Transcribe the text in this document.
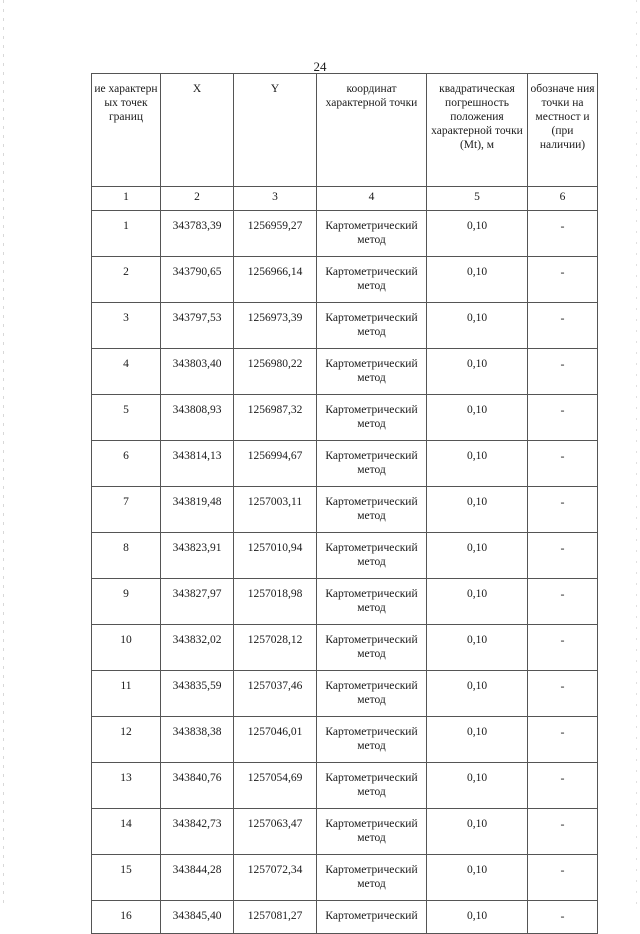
24
ие характерн ых точек границ	X	Y	координат характерной точки	квадратическая погрешность положения характерной точки (Mt), м	обозначе ния точки на местност и (при наличии)
1	2	3	4	5	6
1	343783,39	1256959,27	Картометрический метод	0,10	-
2	343790,65	1256966,14	Картометрический метод	0,10	-
3	343797,53	1256973,39	Картометрический метод	0,10	-
4	343803,40	1256980,22	Картометрический метод	0,10	-
5	343808,93	1256987,32	Картометрический метод	0,10	-
6	343814,13	1256994,67	Картометрический метод	0,10	-
7	343819,48	1257003,11	Картометрический метод	0,10	-
8	343823,91	1257010,94	Картометрический метод	0,10	-
9	343827,97	1257018,98	Картометрический метод	0,10	-
10	343832,02	1257028,12	Картометрический метод	0,10	-
11	343835,59	1257037,46	Картометрический метод	0,10	-
12	343838,38	1257046,01	Картометрический метод	0,10	-
13	343840,76	1257054,69	Картометрический метод	0,10	-
14	343842,73	1257063,47	Картометрический метод	0,10	-
15	343844,28	1257072,34	Картометрический метод	0,10	-
16	343845,40	1257081,27	Картометрический	0,10	-
